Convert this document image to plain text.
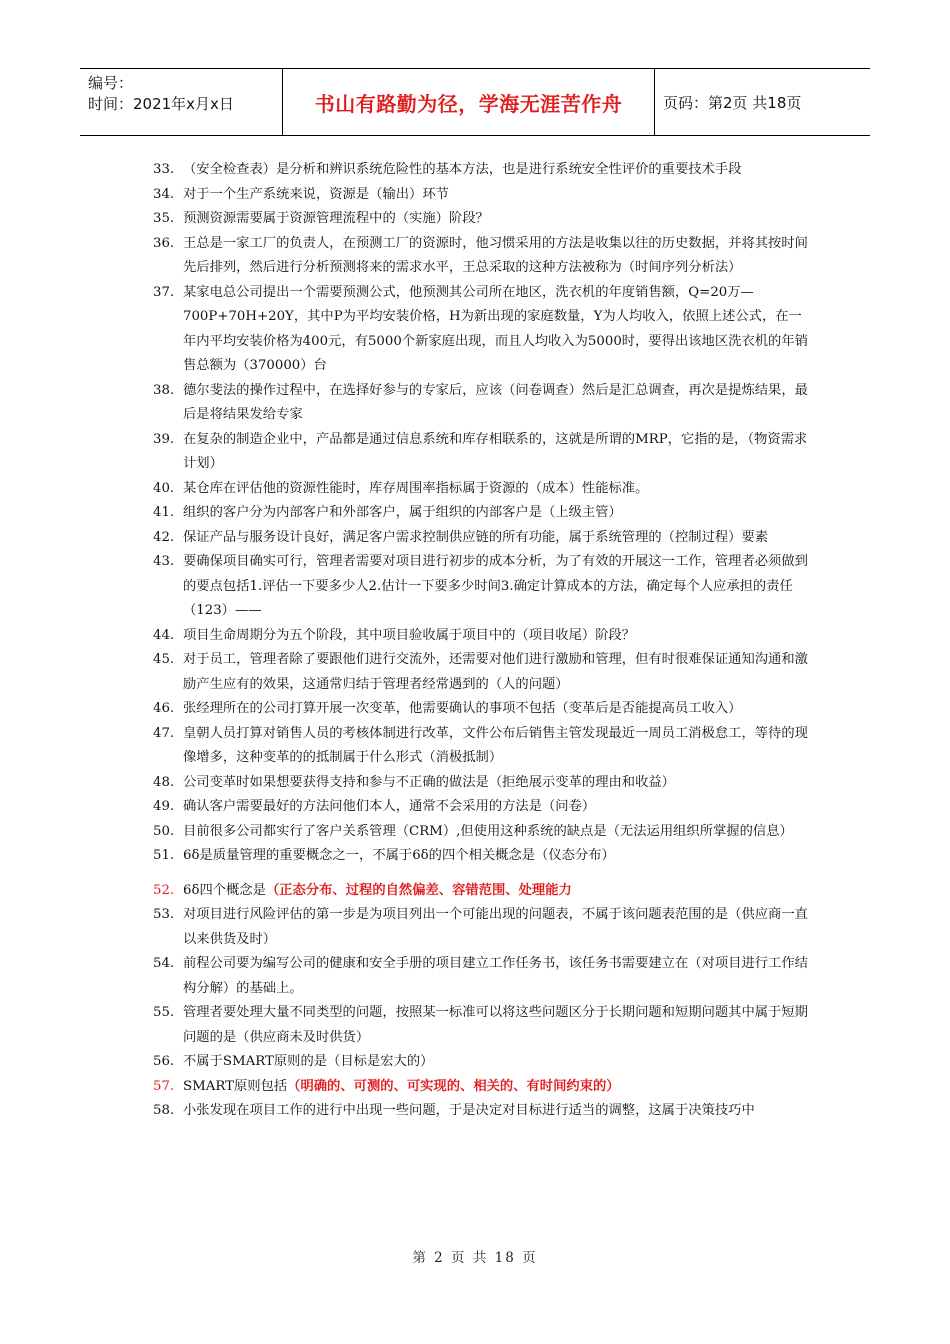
编号：
时间：2021年x月x日	书山有路勤为径，学海无涯苦作舟	页码：第2页 共18页
33. （安全检查表）是分析和辨识系统危险性的基本方法，也是进行系统安全性评价的重要技术手段
34. 对于一个生产系统来说，资源是（输出）环节
35. 预测资源需要属于资源管理流程中的（实施）阶段？
36. 王总是一家工厂的负责人，在预测工厂的资源时，他习惯采用的方法是收集以往的历史数据，并将其按时间先后排列，然后进行分析预测将来的需求水平，王总采取的这种方法被称为（时间序列分析法）
37. 某家电总公司提出一个需要预测公式，他预测其公司所在地区，洗衣机的年度销售额，Q=20万—700P+70H+20Y，其中P为平均安装价格，H为新出现的家庭数量，Y为人均收入，依照上述公式，在一年内平均安装价格为400元，有5000个新家庭出现，而且人均收入为5000时，要得出该地区洗衣机的年销售总额为（370000）台
38. 德尔斐法的操作过程中，在选择好参与的专家后，应该（问卷调查）然后是汇总调查，再次是提炼结果，最后是将结果发给专家
39. 在复杂的制造企业中，产品都是通过信息系统和库存相联系的，这就是所谓的MRP，它指的是，（物资需求计划）
40. 某仓库在评估他的资源性能时，库存周围率指标属于资源的（成本）性能标准。
41. 组织的客户分为内部客户和外部客户，属于组织的内部客户是（上级主管）
42. 保证产品与服务设计良好，满足客户需求控制供应链的所有功能，属于系统管理的（控制过程）要素
43. 要确保项目确实可行，管理者需要对项目进行初步的成本分析，为了有效的开展这一工作，管理者必须做到的要点包括1.评估一下要多少人2.估计一下要多少时间3.确定计算成本的方法，确定每个人应承担的责任（123）——
44. 项目生命周期分为五个阶段，其中项目验收属于项目中的（项目收尾）阶段？
45. 对于员工，管理者除了要跟他们进行交流外，还需要对他们进行激励和管理，但有时很难保证通知沟通和激励产生应有的效果，这通常归结于管理者经常遇到的（人的问题）
46. 张经理所在的公司打算开展一次变革，他需要确认的事项不包括（变革后是否能提高员工收入）
47. 皇朝人员打算对销售人员的考核体制进行改革，文件公布后销售主管发现最近一周员工消极怠工，等待的现像增多，这种变革的的抵制属于什么形式（消极抵制）
48. 公司变革时如果想要获得支持和参与不正确的做法是（拒绝展示变革的理由和收益）
49. 确认客户需要最好的方法问他们本人，通常不会采用的方法是（问卷）
50. 目前很多公司都实行了客户关系管理（CRM）,但使用这种系统的缺点是（无法运用组织所掌握的信息）
51. 6δ是质量管理的重要概念之一，不属于6δ的四个相关概念是（仪态分布）
52. 6δ四个概念是（正态分布、过程的自然偏差、容错范围、处理能力
53. 对项目进行风险评估的第一步是为项目列出一个可能出现的问题表，不属于该问题表范围的是（供应商一直以来供货及时）
54. 前程公司要为编写公司的健康和安全手册的项目建立工作任务书，该任务书需要建立在（对项目进行工作结构分解）的基础上。
55. 管理者要处理大量不同类型的问题，按照某一标准可以将这些问题区分于长期问题和短期问题其中属于短期问题的是（供应商未及时供货）
56. 不属于SMART原则的是（目标是宏大的）
57. SMART原则包括（明确的、可测的、可实现的、相关的、有时间约束的）
58. 小张发现在项目工作的进行中出现一些问题，于是决定对目标进行适当的调整，这属于决策技巧中
第 2 页 共 18 页
